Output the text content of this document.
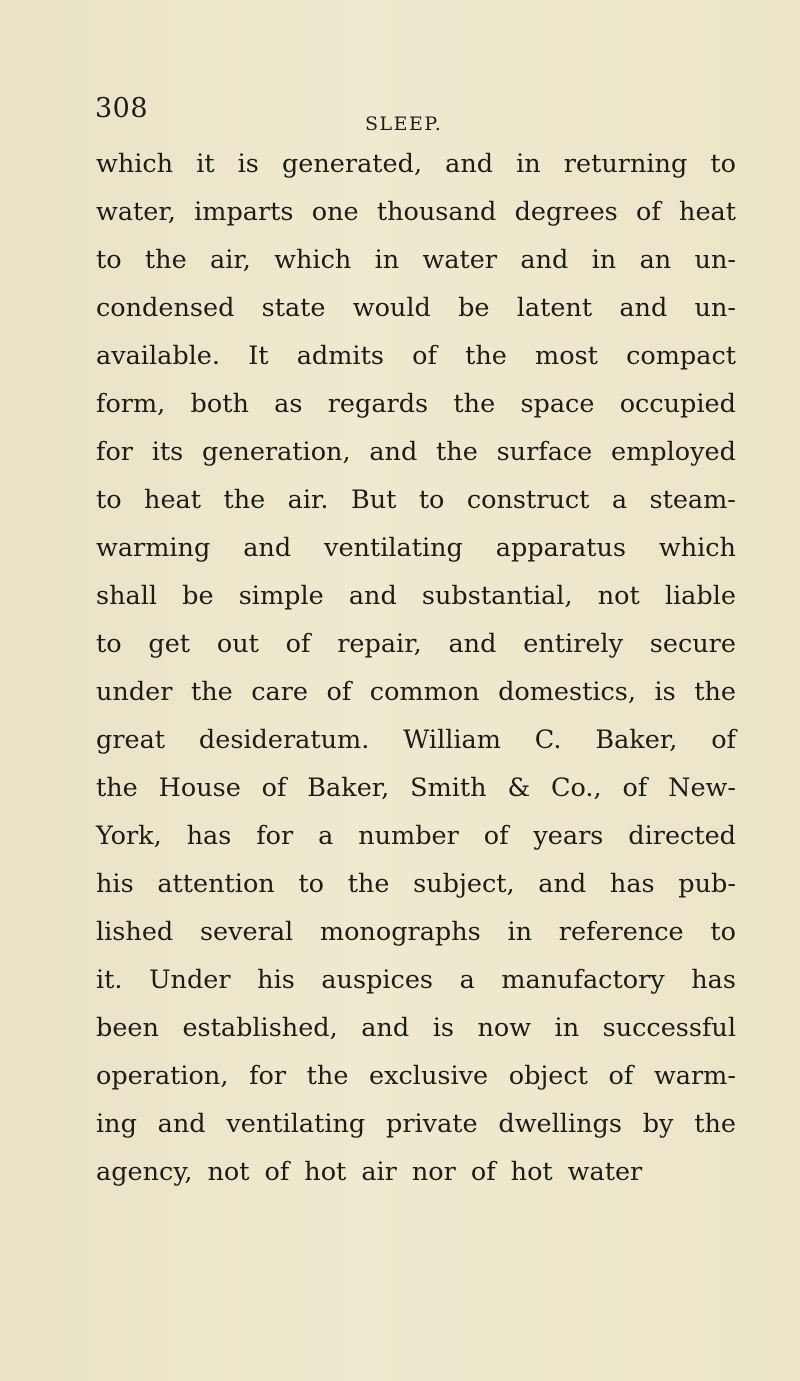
308	SLEEP.
which it is generated, and in returning to
water, imparts one thousand degrees of heat
to the air, which in water and in an un-
condensed state would be latent and un-
available. It admits of the most compact
form, both as regards the space occupied
for its generation, and the surface employed
to heat the air. But to construct a steam-
warming and ventilating apparatus which
shall be simple and substantial, not liable
to get out of repair, and entirely secure
under the care of common domestics, is the
great desideratum. William C. Baker, of
the House of Baker, Smith & Co., of New-
York, has for a number of years directed
his attention to the subject, and has pub-
lished several monographs in reference to
it. Under his auspices a manufactory has
been established, and is now in successful
operation, for the exclusive object of warm-
ing and ventilating private dwellings by the
agency, not of hot air nor of hot water
